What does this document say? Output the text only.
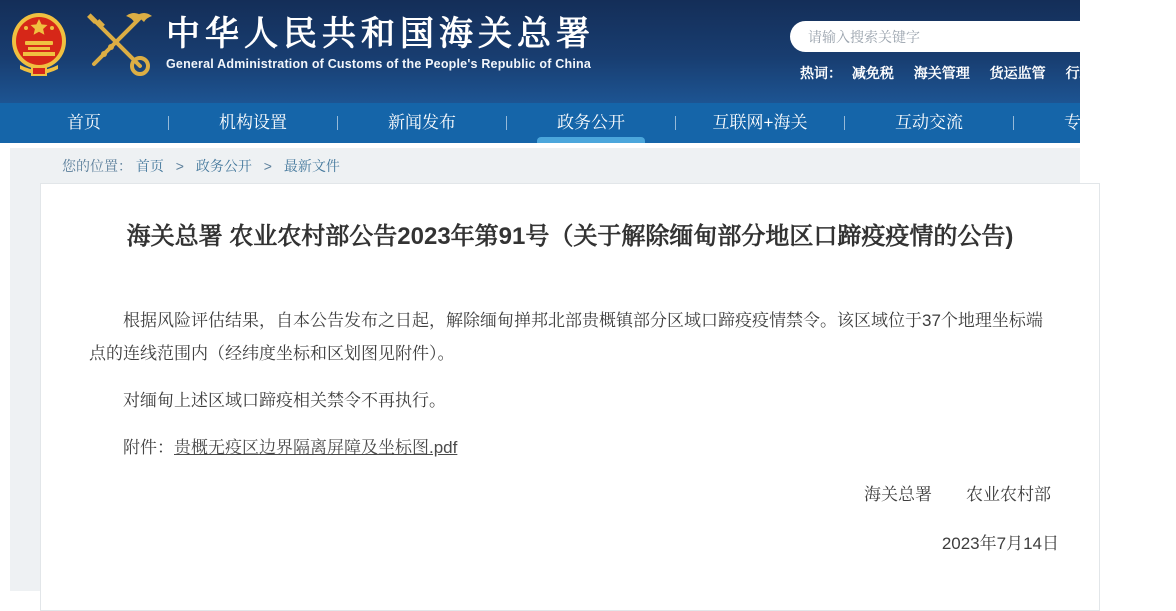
中华人民共和国海关总署
General Administration of Customs of the People's Republic of China
请输入搜索关键字
热词： 减免税 海关管理 货运监管 行政监管
首页	机构设置	新闻发布	政务公开	互联网+海关	互动交流	专题专栏
您的位置： 首页 > 政务公开 > 最新文件
海关总署 农业农村部公告2023年第91号（关于解除缅甸部分地区口蹄疫疫情的公告)

根据风险评估结果，自本公告发布之日起，解除缅甸掸邦北部贵概镇部分区域口蹄疫疫情禁令。该区域位于37个地理坐标端点的连线范围内（经纬度坐标和区划图见附件）。

对缅甸上述区域口蹄疫相关禁令不再执行。

附件：贵概无疫区边界隔离屏障及坐标图.pdf
海关总署 农业农村部
2023年7月14日
